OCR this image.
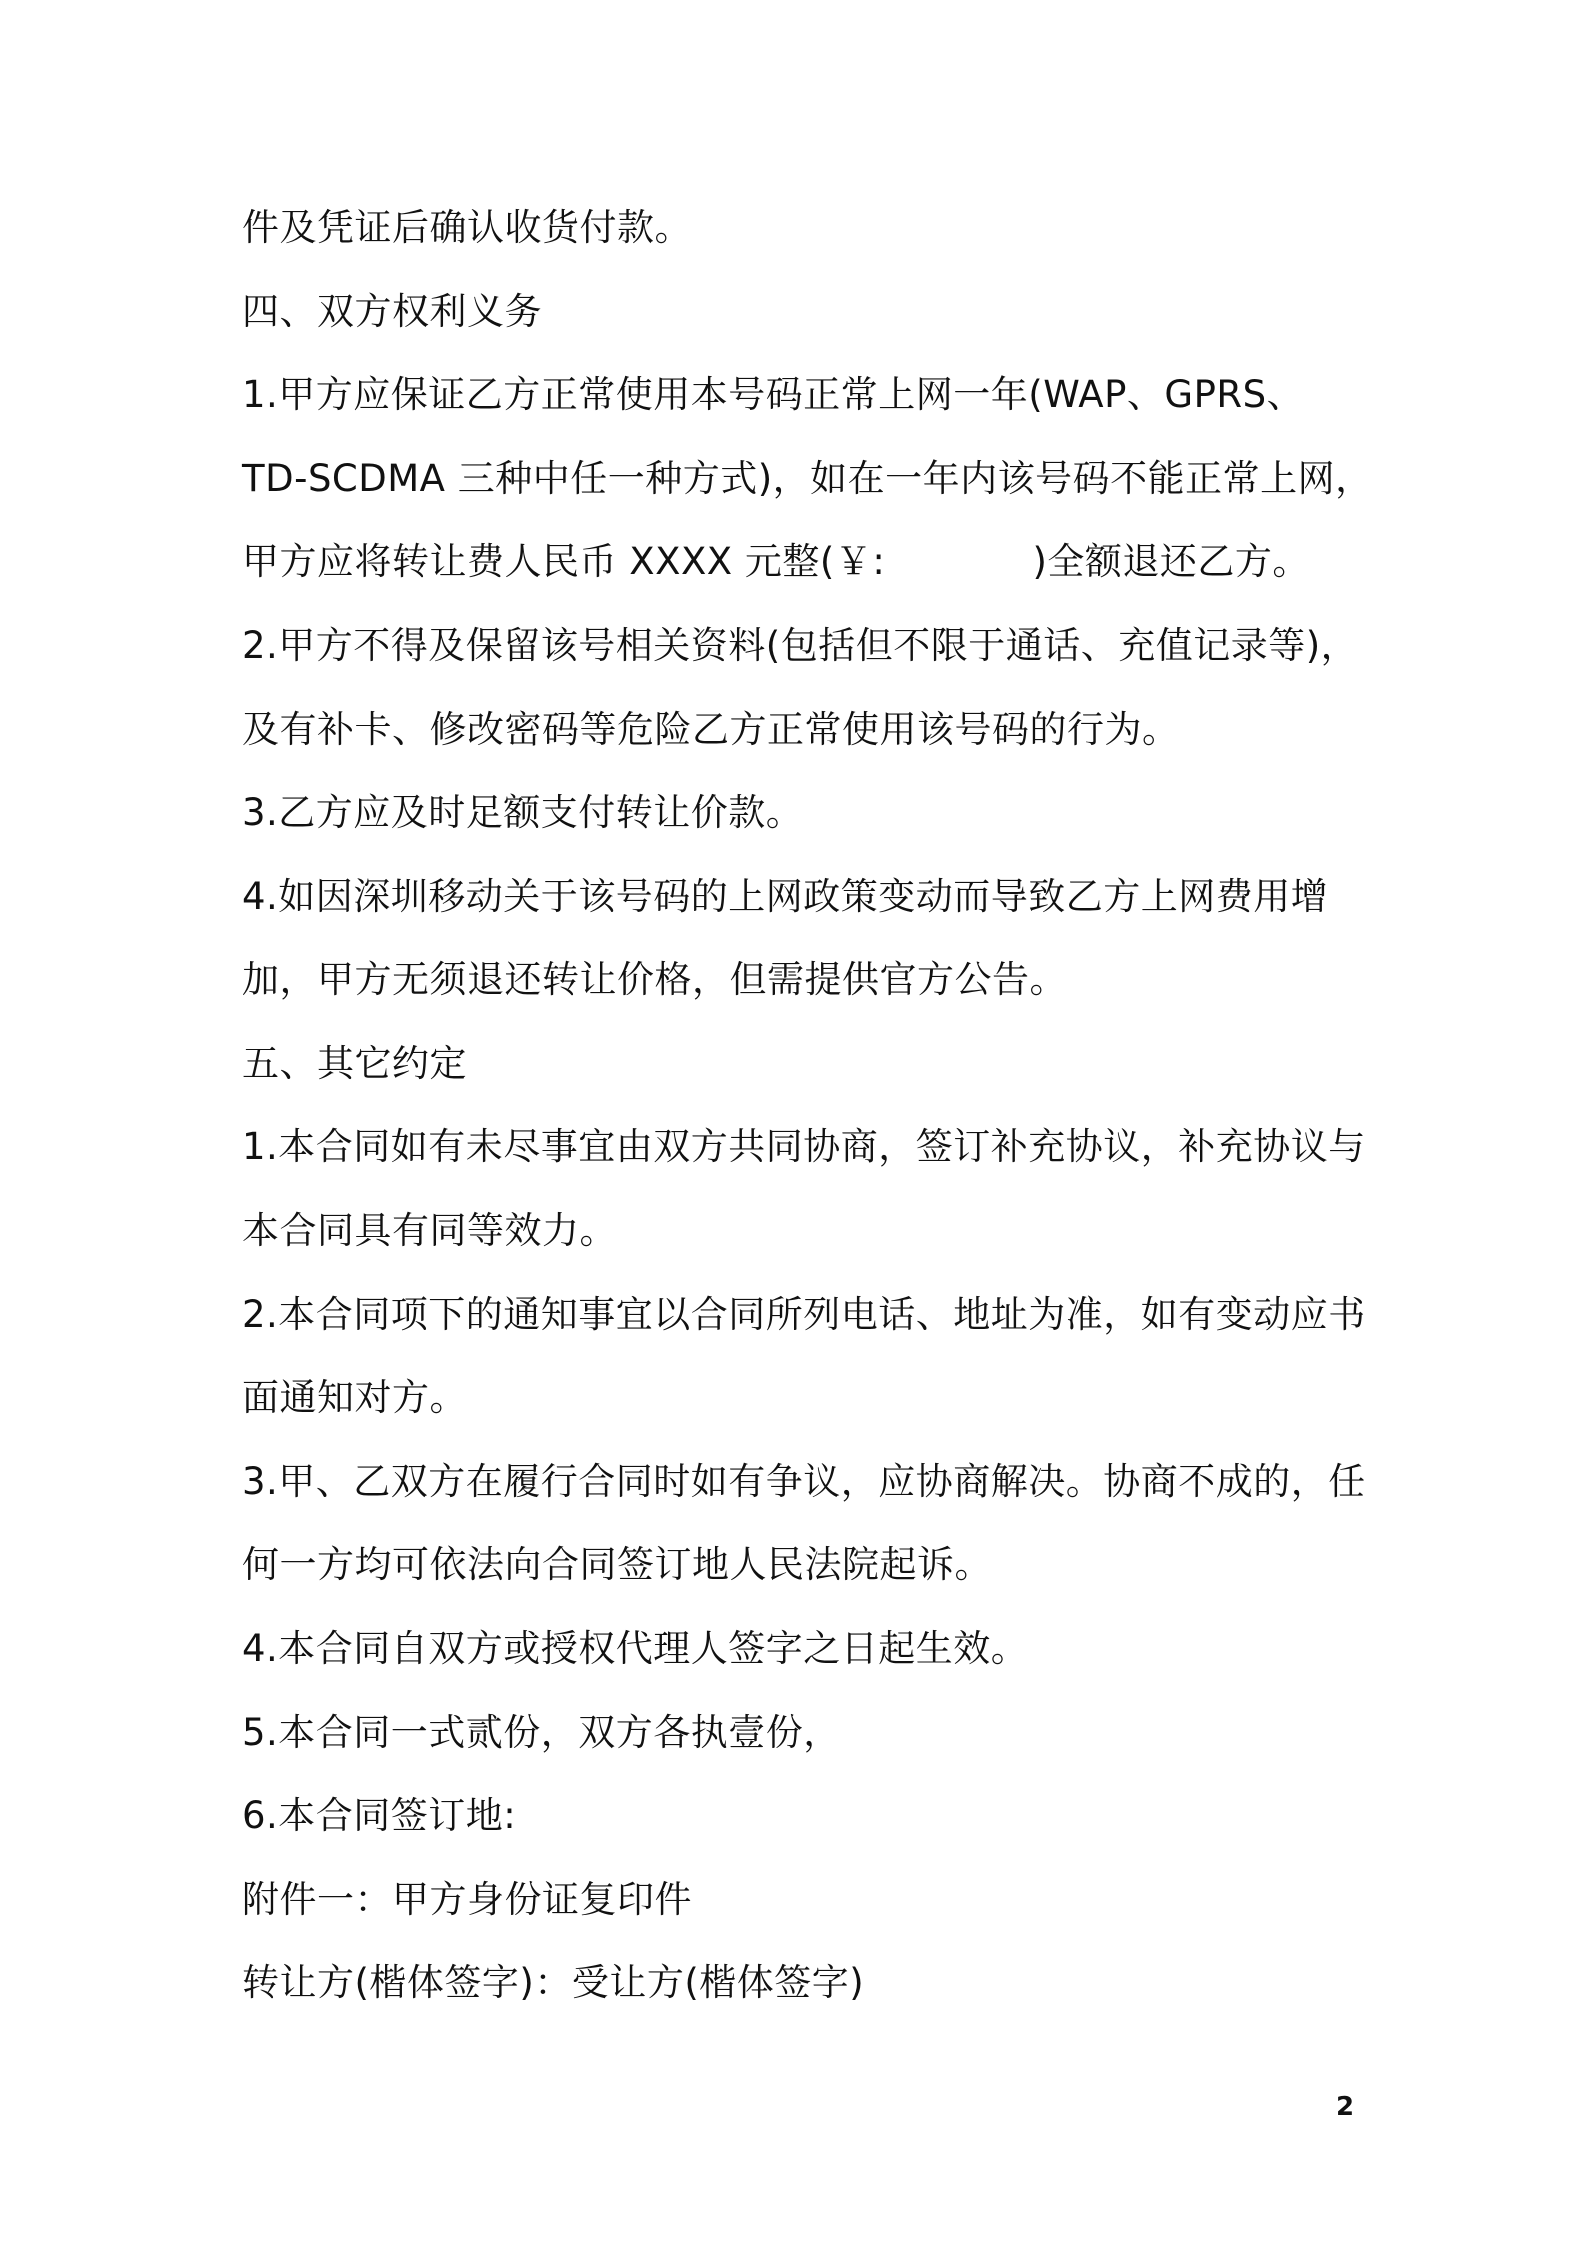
件及凭证后确认收货付款。
四、双方权利义务
1.甲方应保证乙方正常使用本号码正常上网一年(WAP、GPRS、
TD-SCDMA 三种中任一种方式)，如在一年内该号码不能正常上网，
甲方应将转让费人民币 XXXX 元整(￥:            )全额退还乙方。
2.甲方不得及保留该号相关资料(包括但不限于通话、充值记录等)，
及有补卡、修改密码等危险乙方正常使用该号码的行为。
3.乙方应及时足额支付转让价款。
4.如因深圳移动关于该号码的上网政策变动而导致乙方上网费用增
加，甲方无须退还转让价格，但需提供官方公告。
五、其它约定
1.本合同如有未尽事宜由双方共同协商，签订补充协议，补充协议与
本合同具有同等效力。
2.本合同项下的通知事宜以合同所列电话、地址为准，如有变动应书
面通知对方。
3.甲、乙双方在履行合同时如有争议，应协商解决。协商不成的，任
何一方均可依法向合同签订地人民法院起诉。
4.本合同自双方或授权代理人签字之日起生效。
5.本合同一式贰份，双方各执壹份，
6.本合同签订地:
附件一：甲方身份证复印件
转让方(楷体签字)：受让方(楷体签字)
2
